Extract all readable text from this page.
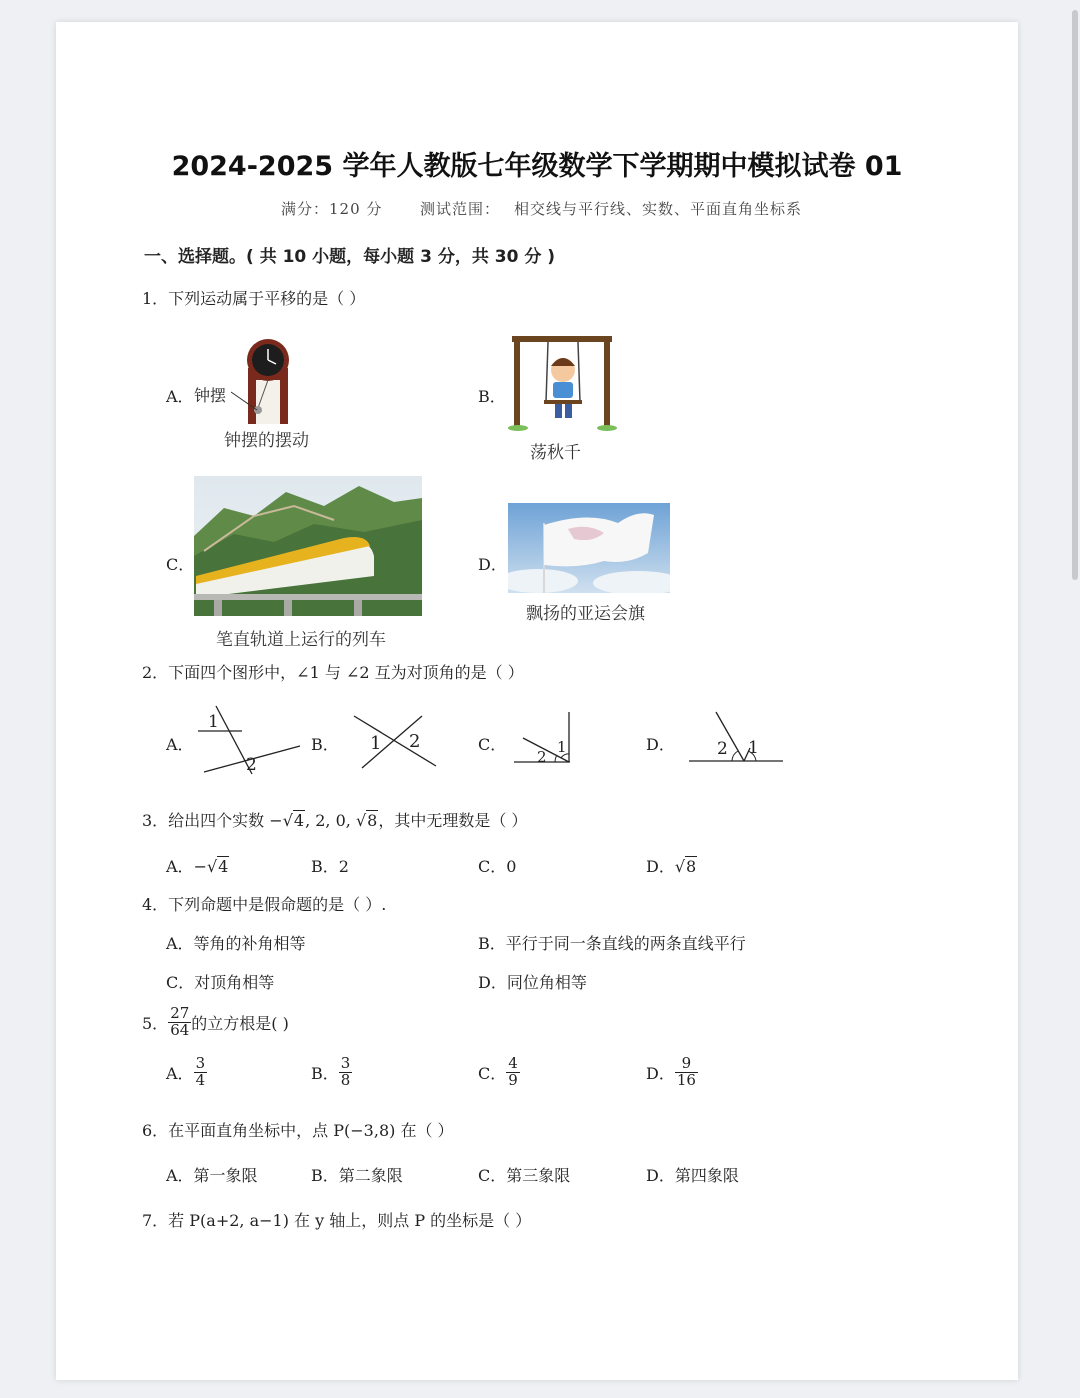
2024-2025 学年人教版七年级数学下学期期中模拟试卷 01
满分：120 分	测试范围： 相交线与平行线、实数、平面直角坐标系
一、选择题。( 共 10 小题，每小题 3 分，共 30 分 )
1．下列运动属于平移的是（ ）
A． 钟摆
钟摆的摆动
B．
荡秋千
C．
笔直轨道上运行的列车
D．
飘扬的亚运会旗
2．下面四个图形中，∠1 与 ∠2 互为对顶角的是（ ）
A．
1
2
B． 1 2	C．
2
1	D． 2 1
3．给出四个实数 −√4, 2, 0, √8，其中无理数是（ ）
A．−√4	B．2	C．0	D．√8
4．下列命题中是假命题的是（ ）.
A．等角的补角相等	B．平行于同一条直线的两条直线平行
C．对顶角相等	D．同位角相等
5． $\frac{27}{64}$ 的立方根是( )
A． $\frac{3}{4}$	B． $\frac{3}{8}$	C． $\frac{4}{9}$	D． $\frac{9}{16}$
6．在平面直角坐标中，点 P(−3,8) 在（ ）
A．第一象限	B．第二象限	C．第三象限	D．第四象限
7．若 P(a+2, a−1) 在 y 轴上，则点 P 的坐标是（ ）
